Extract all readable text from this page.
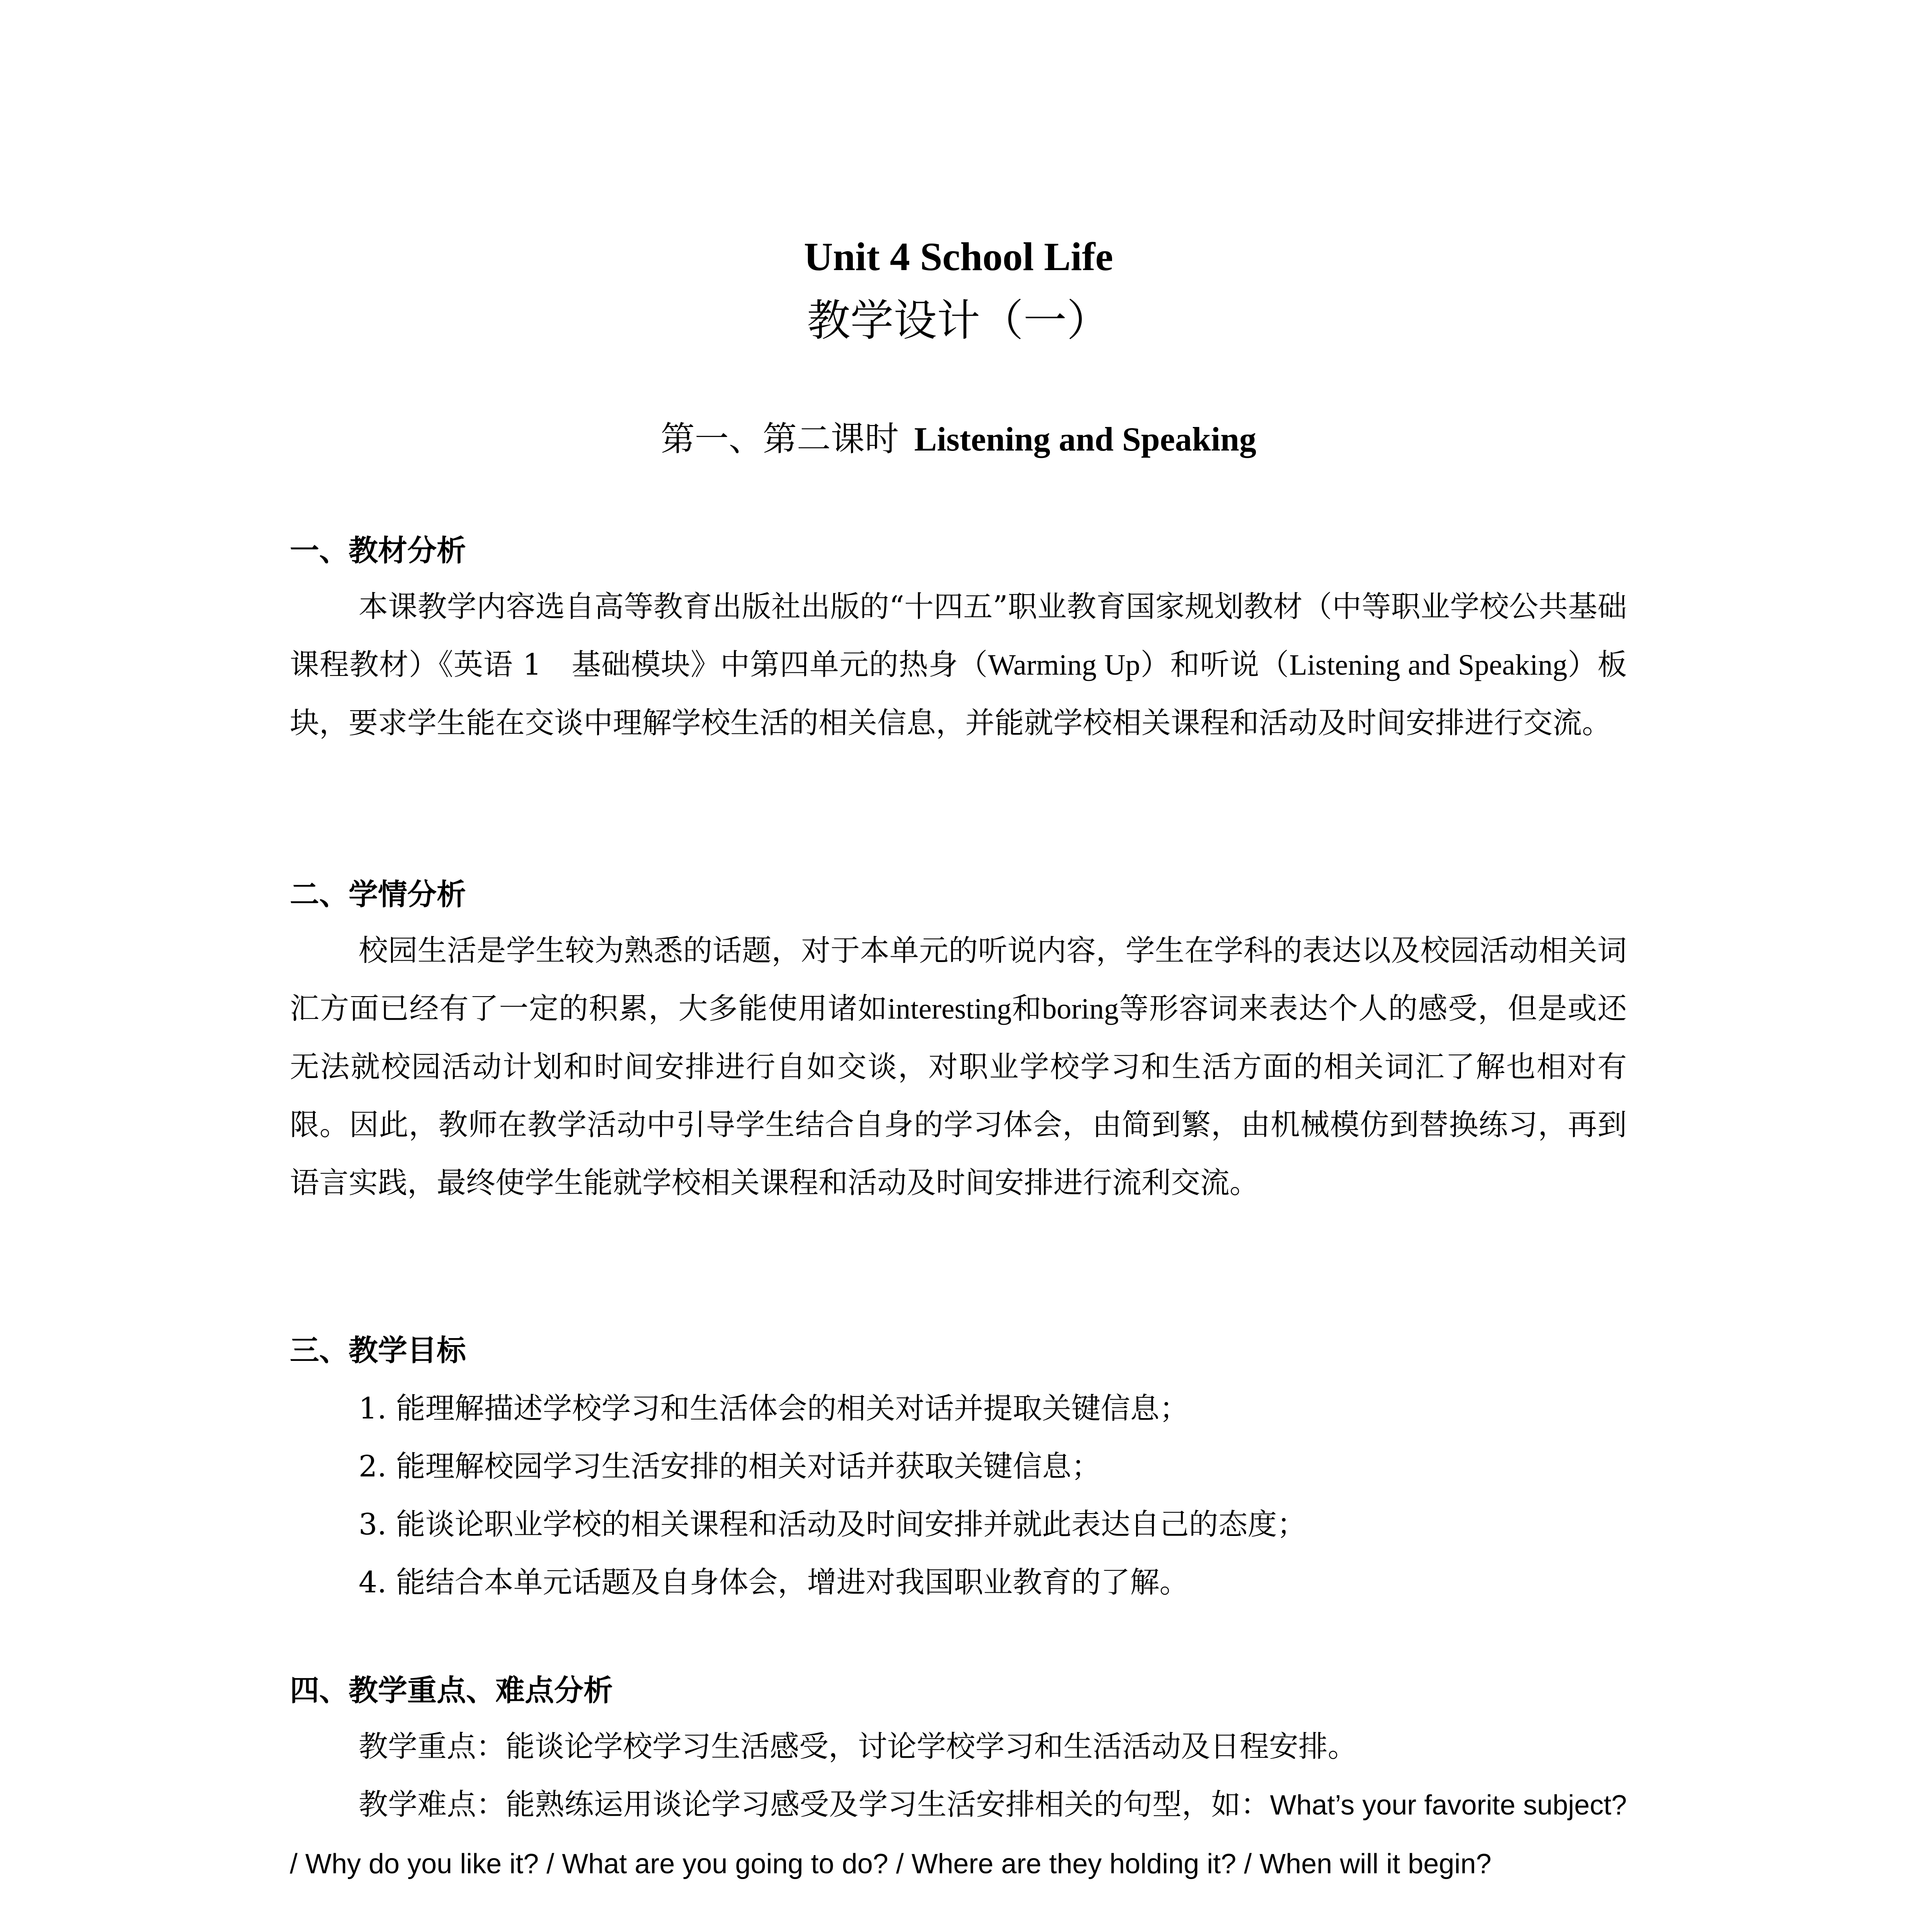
Unit 4 School Life
教学设计（一）
第一、第二课时 Listening and Speaking
一、教材分析
本课教学内容选自高等教育出版社出版的“十四五”职业教育国家规划教材（中等职业学校公共基础课程教材）《英语 1　基础模块》中第四单元的热身（Warming Up）和听说（Listening and Speaking）板块，要求学生能在交谈中理解学校生活的相关信息，并能就学校相关课程和活动及时间安排进行交流。
二、学情分析
校园生活是学生较为熟悉的话题，对于本单元的听说内容，学生在学科的表达以及校园活动相关词汇方面已经有了一定的积累，大多能使用诸如interesting和boring等形容词来表达个人的感受，但是或还无法就校园活动计划和时间安排进行自如交谈，对职业学校学习和生活方面的相关词汇了解也相对有限。因此，教师在教学活动中引导学生结合自身的学习体会，由简到繁，由机械模仿到替换练习，再到语言实践，最终使学生能就学校相关课程和活动及时间安排进行流利交流。
三、教学目标
1. 能理解描述学校学习和生活体会的相关对话并提取关键信息；
2. 能理解校园学习生活安排的相关对话并获取关键信息；
3. 能谈论职业学校的相关课程和活动及时间安排并就此表达自己的态度；
4. 能结合本单元话题及自身体会，增进对我国职业教育的了解。
四、教学重点、难点分析
教学重点：能谈论学校学习生活感受，讨论学校学习和生活活动及日程安排。
教学难点：能熟练运用谈论学习感受及学习生活安排相关的句型，如：What’s your favorite subject? / Why do you like it? / What are you going to do? / Where are they holding it? / When will it begin?
